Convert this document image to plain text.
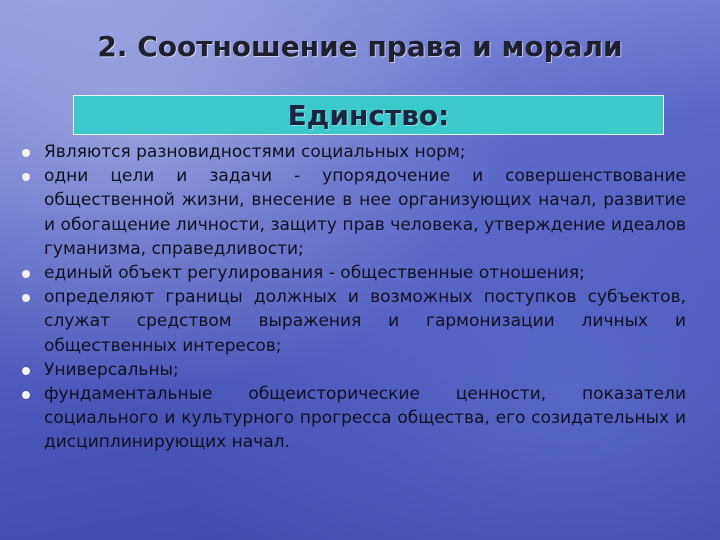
2. Соотношение права и морали
Единство:
Являются разновидностями социальных норм;
одни цели и задачи - упорядочение и совершенствование общественной жизни, внесение в нее организующих начал, развитие и обогащение личности, защиту прав человека, утверждение идеалов гуманизма, справедливости;
единый объект регулирования - общественные отношения;
определяют границы должных и возможных поступков субъектов, служат средством выражения и гармонизации личных и общественных интересов;
Универсальны;
фундаментальные общеисторические ценности, показатели социального и культурного прогресса общества, его созидательных и дисциплинирующих начал.
